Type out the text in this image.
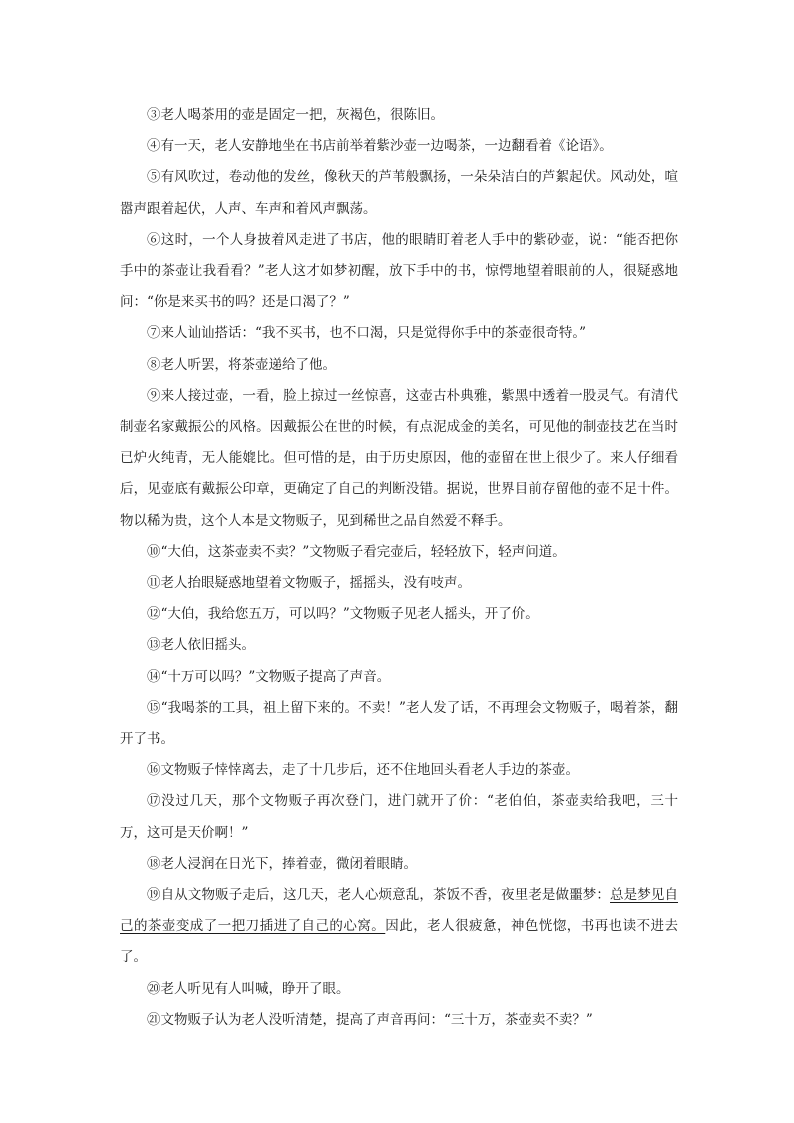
③老人喝茶用的壶是固定一把，灰褐色，很陈旧。

④有一天，老人安静地坐在书店前举着紫沙壶一边喝茶，一边翻看着《论语》。

⑤有风吹过，卷动他的发丝，像秋天的芦苇般飘扬，一朵朵洁白的芦絮起伏。风动处，喧嚣声跟着起伏，人声、车声和着风声飘荡。

⑥这时，一个人身披着风走进了书店，他的眼睛盯着老人手中的紫砂壶，说：“能否把你手中的茶壶让我看看？”老人这才如梦初醒，放下手中的书，惊愕地望着眼前的人，很疑惑地问：“你是来买书的吗？还是口渴了？”

⑦来人讪讪搭话：“我不买书，也不口渴，只是觉得你手中的茶壶很奇特。”

⑧老人听罢，将茶壶递给了他。

⑨来人接过壶，一看，脸上掠过一丝惊喜，这壶古朴典雅，紫黑中透着一股灵气。有清代制壶名家戴振公的风格。因戴振公在世的时候，有点泥成金的美名，可见他的制壶技艺在当时已炉火纯青，无人能媲比。但可惜的是，由于历史原因，他的壶留在世上很少了。来人仔细看后，见壶底有戴振公印章，更确定了自己的判断没错。据说，世界目前存留他的壶不足十件。物以稀为贵，这个人本是文物贩子，见到稀世之品自然爱不释手。

⑩“大伯，这茶壶卖不卖？”文物贩子看完壶后，轻轻放下，轻声问道。

⑪老人抬眼疑惑地望着文物贩子，摇摇头，没有吱声。

⑫“大伯，我给您五万，可以吗？”文物贩子见老人摇头，开了价。

⑬老人依旧摇头。

⑭“十万可以吗？”文物贩子提高了声音。

⑮“我喝茶的工具，祖上留下来的。不卖！”老人发了话，不再理会文物贩子，喝着茶，翻开了书。

⑯文物贩子悻悻离去，走了十几步后，还不住地回头看老人手边的茶壶。

⑰没过几天，那个文物贩子再次登门，进门就开了价：“老伯伯，茶壶卖给我吧，三十万，这可是天价啊！”

⑱老人浸润在日光下，捧着壶，微闭着眼睛。

⑲自从文物贩子走后，这几天，老人心烦意乱，茶饭不香，夜里老是做噩梦：总是梦见自己的茶壶变成了一把刀插进了自己的心窝。因此，老人很疲惫，神色恍惚，书再也读不进去了。

⑳老人听见有人叫喊，睁开了眼。

㉑文物贩子认为老人没听清楚，提高了声音再问：“三十万，茶壶卖不卖？”
